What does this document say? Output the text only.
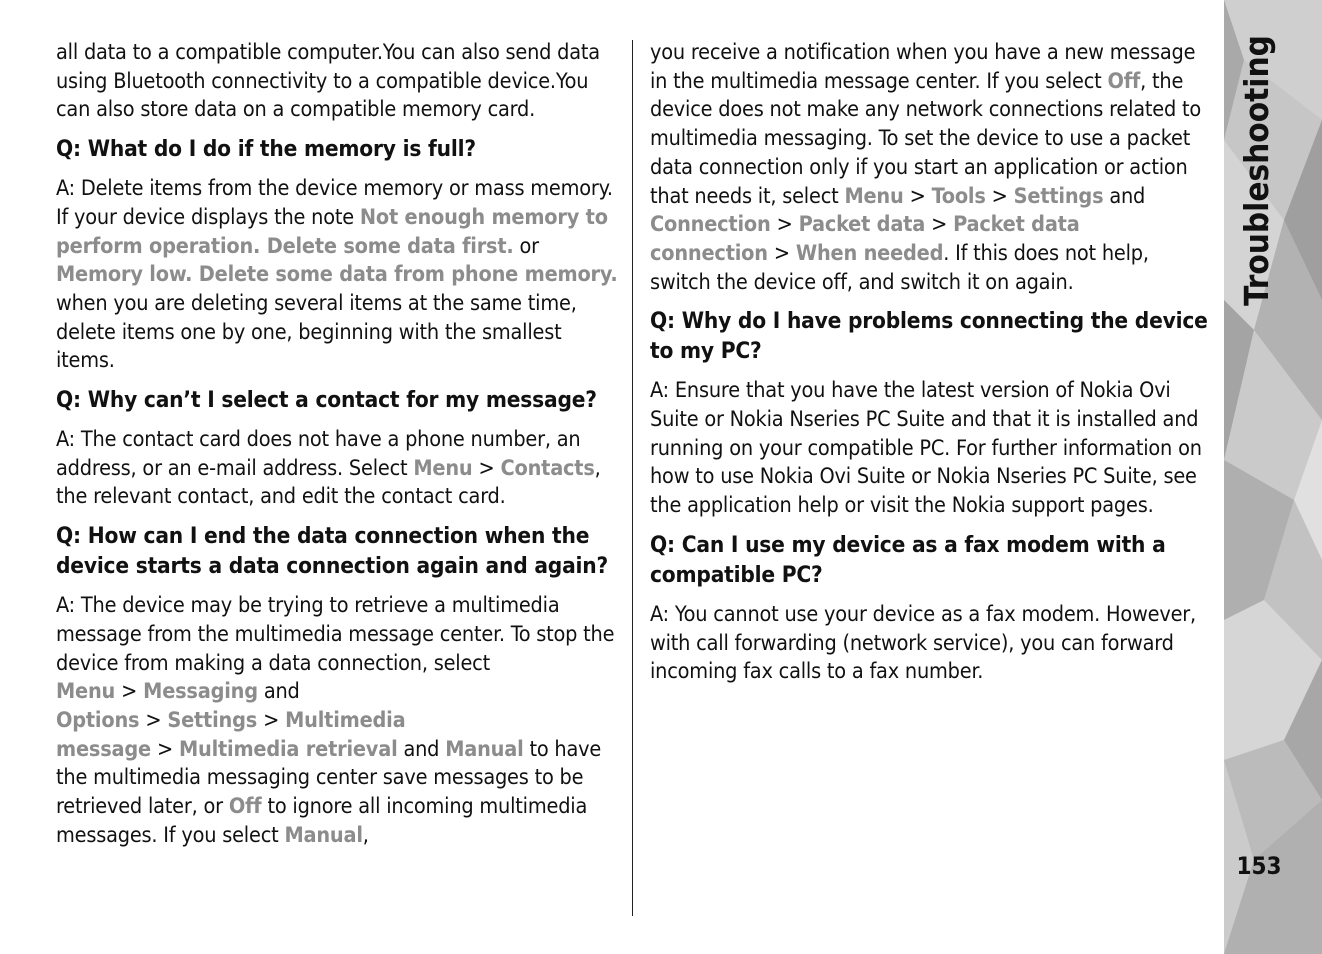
all data to a compatible computer.You can also send data using Bluetooth connectivity to a compatible device.You can also store data on a compatible memory card.

Q: What do I do if the memory is full?

A: Delete items from the device memory or mass memory. If your device displays the note Not enough memory to perform operation. Delete some data first. or Memory low. Delete some data from phone memory. when you are deleting several items at the same time, delete items one by one, beginning with the smallest items.

Q: Why can’t I select a contact for my message?

A: The contact card does not have a phone number, an address, or an e-mail address. Select Menu > Contacts, the relevant contact, and edit the contact card.

Q: How can I end the data connection when the device starts a data connection again and again?

A: The device may be trying to retrieve a multimedia message from the multimedia message center. To stop the device from making a data connection, select Menu > Messaging and Options > Settings > Multimedia message > Multimedia retrieval and Manual to have the multimedia messaging center save messages to be retrieved later, or Off to ignore all incoming multimedia messages. If you select Manual,

you receive a notification when you have a new message in the multimedia message center. If you select Off, the device does not make any network connections related to multimedia messaging. To set the device to use a packet data connection only if you start an application or action that needs it, select Menu > Tools > Settings and Connection > Packet data > Packet data connection > When needed. If this does not help, switch the device off, and switch it on again.

Q: Why do I have problems connecting the device to my PC?

A: Ensure that you have the latest version of Nokia Ovi Suite or Nokia Nseries PC Suite and that it is installed and running on your compatible PC. For further information on how to use Nokia Ovi Suite or Nokia Nseries PC Suite, see the application help or visit the Nokia support pages.

Q: Can I use my device as a fax modem with a compatible PC?

A: You cannot use your device as a fax modem. However, with call forwarding (network service), you can forward incoming fax calls to a fax number.

Troubleshooting
153
